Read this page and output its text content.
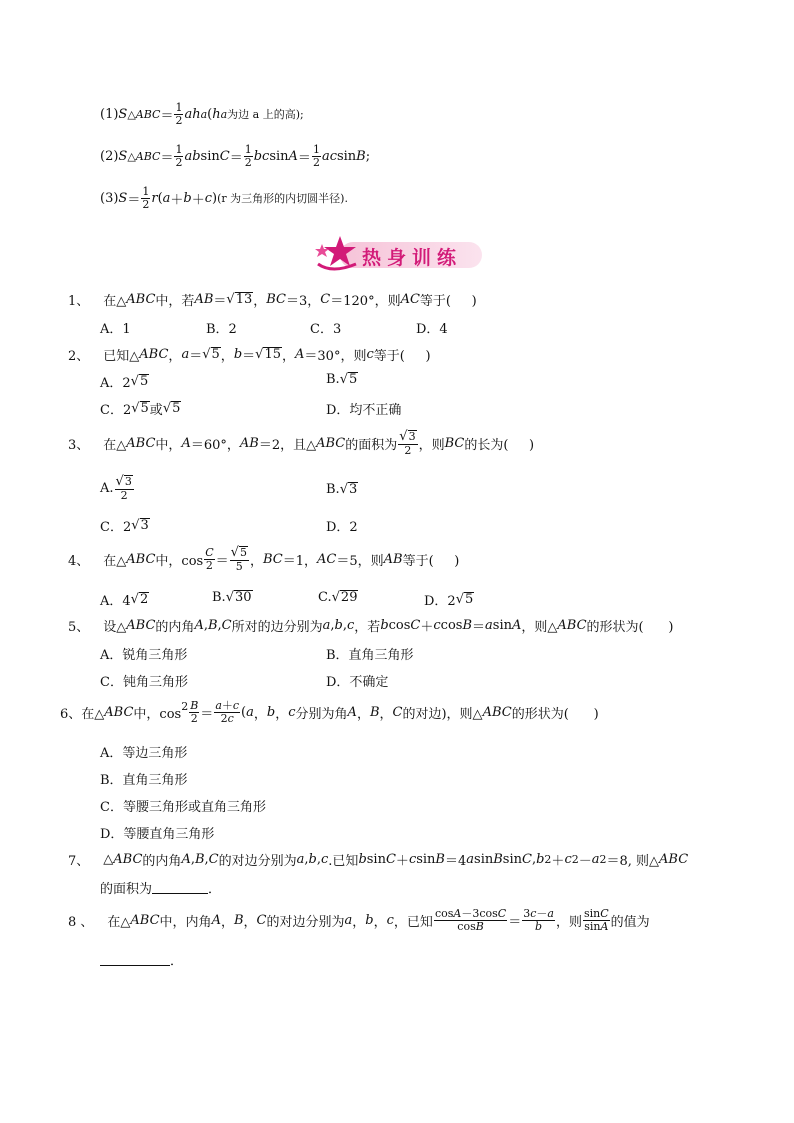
(1) S △ABC ＝ $\frac{1}{2}$ ah a ( h a 为边 a 上的高);
(2) S △ABC ＝ $\frac{1}{2}$ ab $\sin C = \frac{1}{2}$ bc $\sin A = \frac{1}{2}$ ac sin B ;
(3) $S = \frac{1}{2}$ r ( a ＋ b ＋ c ) (r 为三角形的内切圆半径).
热身训练
1、 在△ ABC 中，若 AB ＝ √ 13 ， BC ＝3， C ＝120°，则 AC 等于(     )
A．1	B．2	C．3	D．4
2、 已知△ ABC ， a ＝ √ 5 ， b ＝ √ 15 ， A ＝30°，则 c 等于(     )
A．2 √ 5	B. √ 5
C．2 √ 5 或 √ 5	D．均不正确
3、 在△ ABC 中， A ＝60°， AB ＝2，且△ ABC 的面积为 $\frac{√ 3}{2}$ ，则 BC 的长为(     )
A. $\frac{√ 3}{2}$	B. √ 3
C．2 √ 3	D．2
4、 在△ ABC 中，$\cos \frac{C}{2} = \frac{√ 5}{5}$ ， BC ＝1， AC ＝5，则 AB 等于(     )
A．4 √ 2	B. √ 30	C. √ 29	D．2 √ 5
5、 设△ ABC 的内角 A , B , C 所对的边分别为 a , b , c ，若 b cos C ＋ c cos B ＝ a sin A ，则△ ABC 的形状为(      )
A．锐角三角形	B．直角三角形
C．钝角三角形	D．不确定
6、 在△ ABC 中，cos
$2 \frac{B}{2} = \frac{a+c}{2c}$ ( a ， b ， c 分别为角 A ， B ， C 的对边)，则△ ABC 的形状为(      )
A．等边三角形
B．直角三角形
C．等腰三角形或直角三角形
D．等腰直角三角形
7、 △ ABC 的内角 A , B , C 的对边分别为 a , b , c .已知 b sin C ＋ c sin B ＝4 a sin B sin C , b 2 ＋ c 2 － a 2 ＝8, 则△ ABC
的面积为	．
8 、 在△ ABC 中，内角 A ， B ， C 的对边分别为 a ， b ， c ，已知 $\frac{\cos A-3\cos C}{\cos B} = \frac{3c-a}{b}$ ，则 $\frac{\sin C}{\sin A}$ 的值为
．
